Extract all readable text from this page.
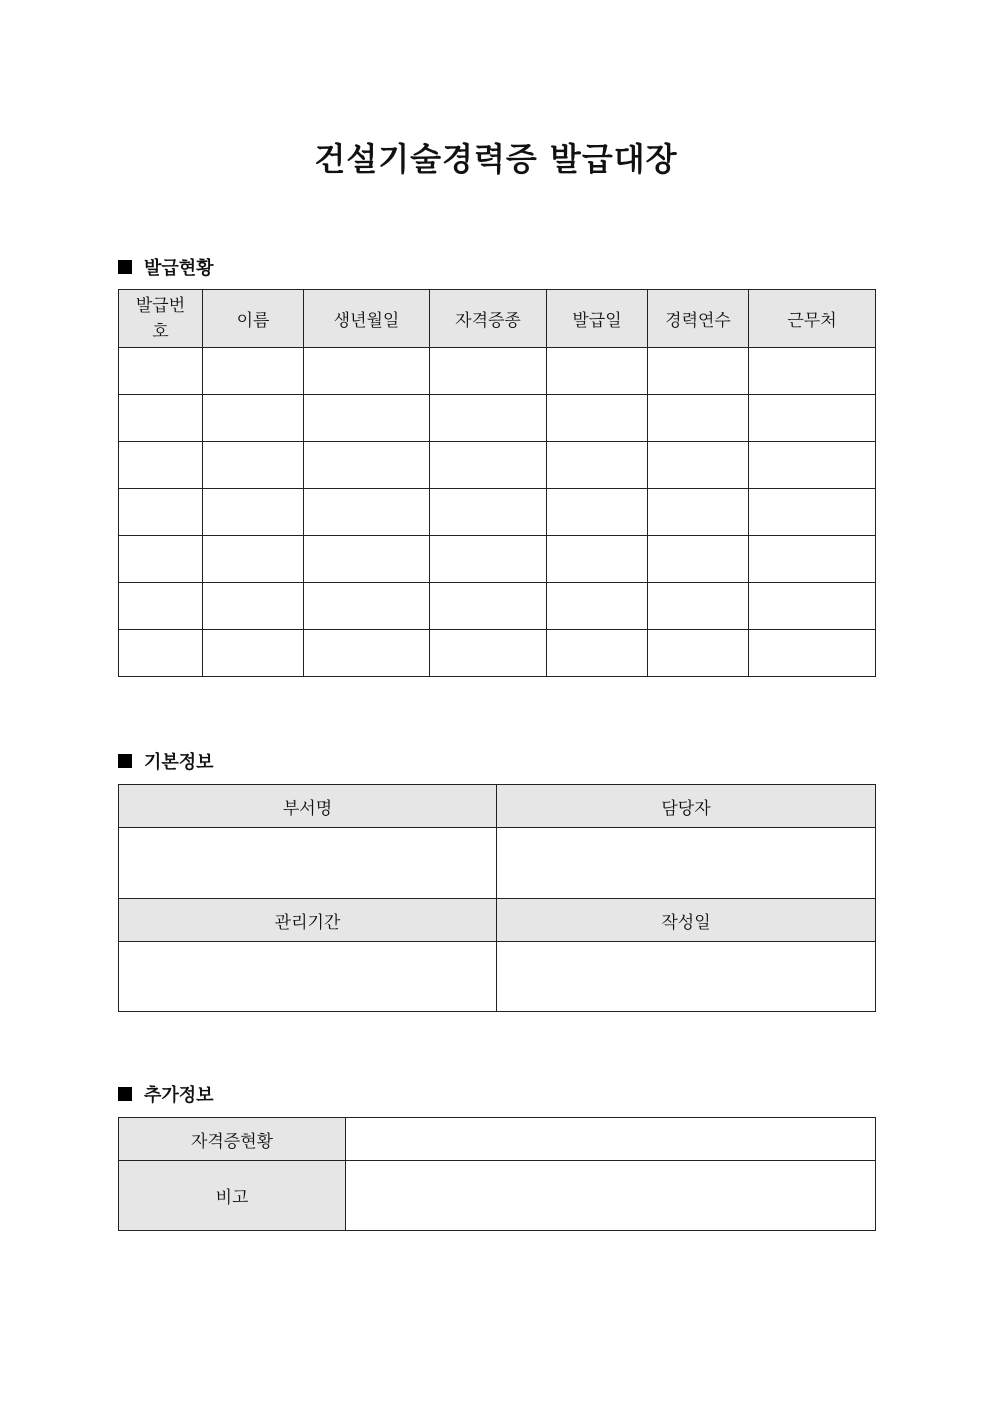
건설기술경력증 발급대장
발급현황
발급번호	이름	생년월일	자격증종	발급일	경력연수	근무처

기본정보
부서명	담당자

관리기간	작성일

추가정보
자격증현황	
비고	
